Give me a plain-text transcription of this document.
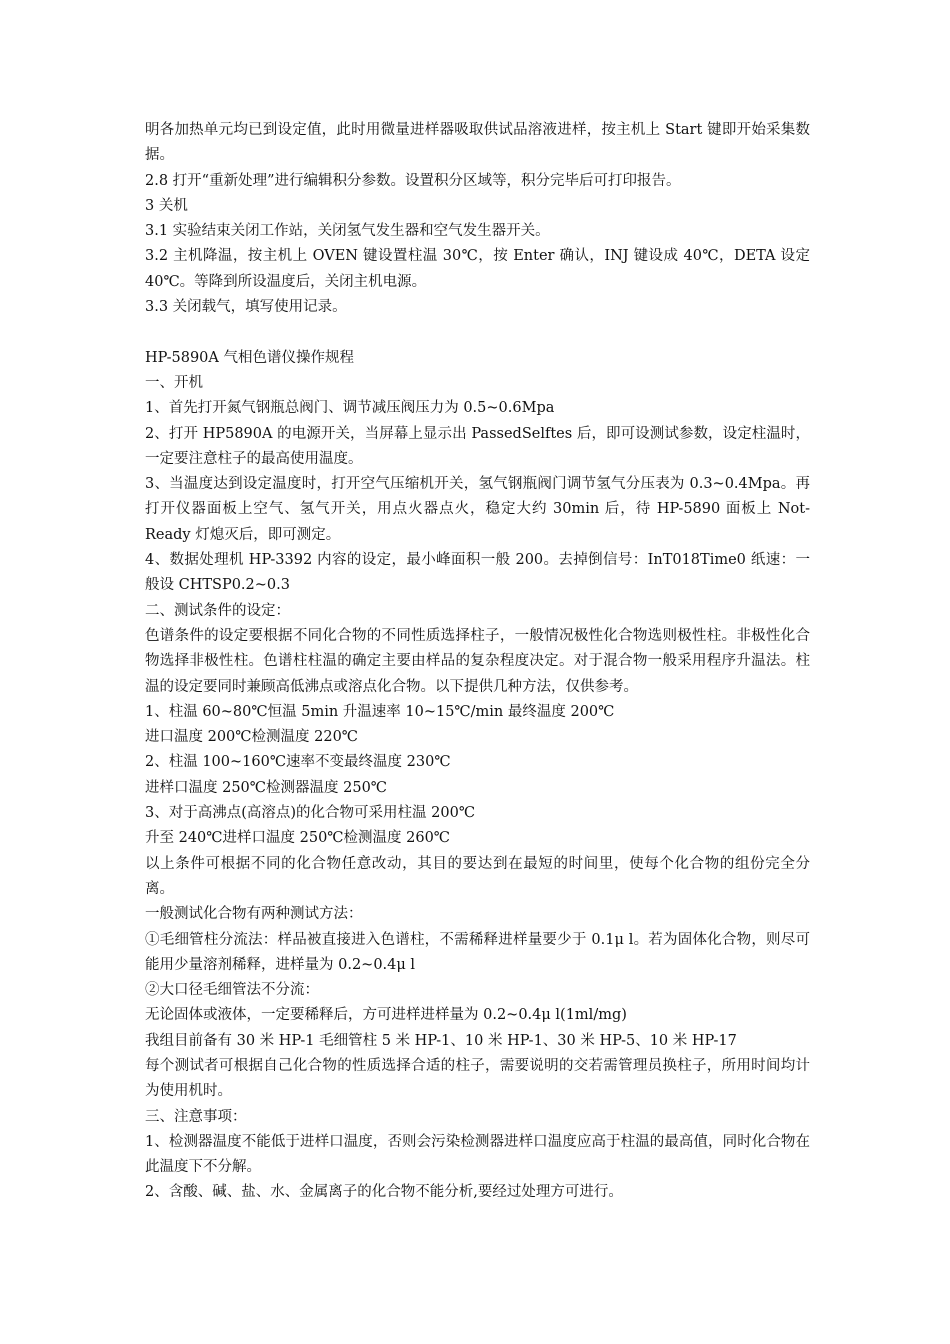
明各加热单元均已到设定值，此时用微量进样器吸取供试品溶液进样，按主机上 Start 键即开始采集数据。

2.8 打开“重新处理”进行编辑积分参数。设置积分区域等，积分完毕后可打印报告。

3 关机

3.1 实验结束关闭工作站，关闭氢气发生器和空气发生器开关。

3.2 主机降温，按主机上 OVEN 键设置柱温 30℃，按 Enter 确认，INJ 键设成 40℃，DETA 设定 40℃。等降到所设温度后，关闭主机电源。

3.3 关闭载气，填写使用记录。

HP-5890A 气相色谱仪操作规程

一、开机

1、首先打开氮气钢瓶总阀门、调节减压阀压力为 0.5~0.6Mpa

2、打开 HP5890A 的电源开关，当屏幕上显示出 PassedSelftes 后，即可设测试参数，设定柱温时，一定要注意柱子的最高使用温度。

3、当温度达到设定温度时，打开空气压缩机开关，氢气钢瓶阀门调节氢气分压表为 0.3~0.4Mpa。再打开仪器面板上空气、氢气开关，用点火器点火，稳定大约 30min 后，待 HP-5890 面板上 Not-Ready 灯熄灭后，即可测定。

4、数据处理机 HP-3392 内容的设定，最小峰面积一般 200。去掉倒信号：InT018Time0 纸速：一般设 CHTSP0.2~0.3

二、测试条件的设定：

色谱条件的设定要根据不同化合物的不同性质选择柱子，一般情况极性化合物选则极性柱。非极性化合物选择非极性柱。色谱柱柱温的确定主要由样品的复杂程度决定。对于混合物一般采用程序升温法。柱温的设定要同时兼顾高低沸点或溶点化合物。以下提供几种方法，仅供参考。

1、柱温 60~80℃恒温 5min 升温速率 10~15℃/min 最终温度 200℃

进口温度 200℃检测温度 220℃

2、柱温 100~160℃速率不变最终温度 230℃

进样口温度 250℃检测器温度 250℃

3、对于高沸点(高溶点)的化合物可采用柱温 200℃

升至 240℃进样口温度 250℃检测温度 260℃

以上条件可根据不同的化合物任意改动，其目的要达到在最短的时间里，使每个化合物的组份完全分离。

一般测试化合物有两种测试方法：

①毛细管柱分流法：样品被直接进入色谱柱，不需稀释进样量要少于 0.1μ l。若为固体化合物，则尽可能用少量溶剂稀释，进样量为 0.2~0.4μ l

②大口径毛细管法不分流：

无论固体或液体，一定要稀释后，方可进样进样量为 0.2~0.4μ l(1ml/mg)

我组目前备有 30 米 HP-1 毛细管柱 5 米 HP-1、10 米 HP-1、30 米 HP-5、10 米 HP-17

每个测试者可根据自己化合物的性质选择合适的柱子，需要说明的交若需管理员换柱子，所用时间均计为使用机时。

三、注意事项：

1、检测器温度不能低于进样口温度，否则会污染检测器进样口温度应高于柱温的最高值，同时化合物在此温度下不分解。

2、含酸、碱、盐、水、金属离子的化合物不能分析,要经过处理方可进行。
